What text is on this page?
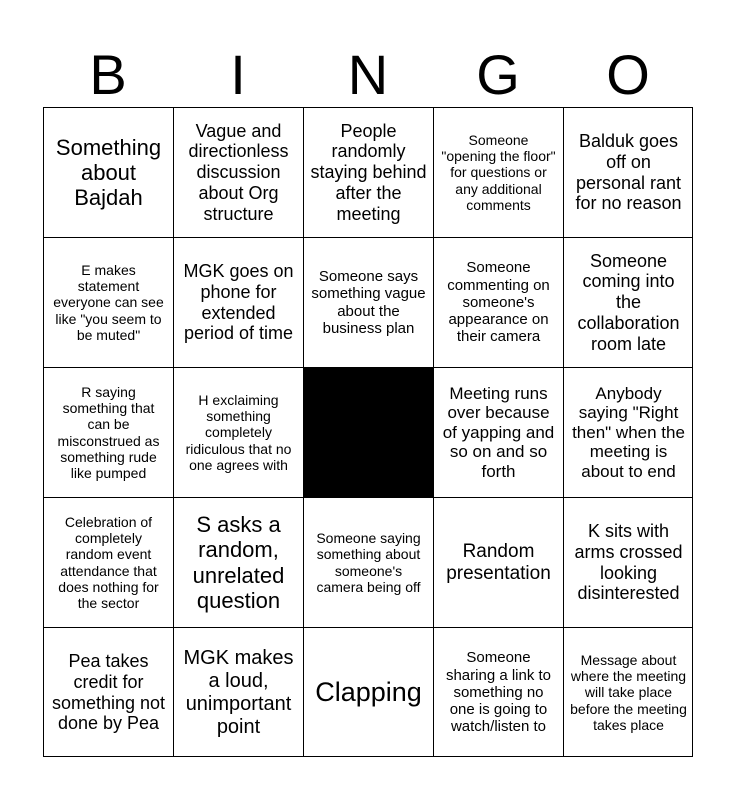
B	I	N	G	O
Something about Bajdah
Vague and directionless discussion about Org structure
People randomly staying behind after the meeting
Someone "opening the floor" for questions or any additional comments
Balduk goes off on personal rant for no reason
E makes statement everyone can see like "you seem to be muted"
MGK goes on phone for extended period of time
Someone says something vague about the business plan
Someone commenting on someone's appearance on their camera
Someone coming into the collaboration room late
R saying something that can be misconstrued as something rude like pumped
H exclaiming something completely ridiculous that no one agrees with
Meeting runs over because of yapping and so on and so forth
Anybody saying "Right then" when the meeting is about to end
Celebration of completely random event attendance that does nothing for the sector
S asks a random, unrelated question
Someone saying something about someone's camera being off
Random presentation
K sits with arms crossed looking disinterested
Pea takes credit for something not done by Pea
MGK makes a loud, unimportant point
Clapping
Someone sharing a link to something no one is going to watch/listen to
Message about where the meeting will take place before the meeting takes place
